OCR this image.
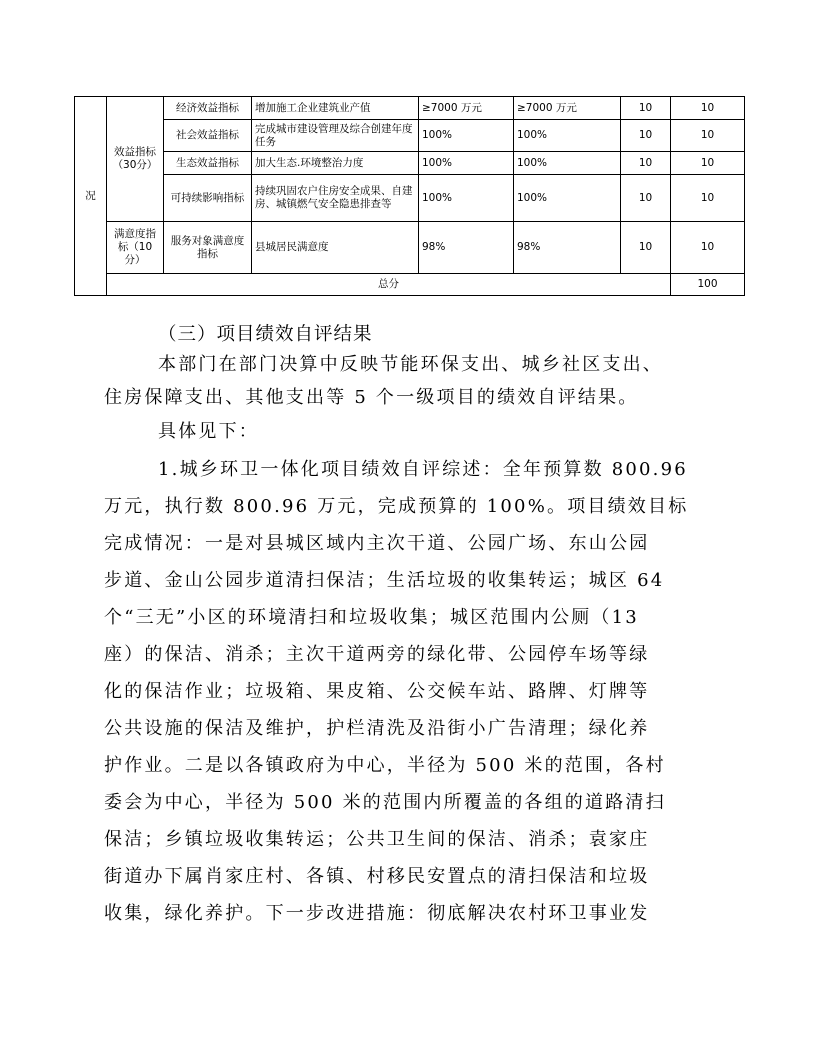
况	效益指标（30分）	经济效益指标	增加施工企业建筑业产值	≥7000 万元	≥7000 万元	10	10	
		社会效益指标	完成城市建设管理及综合创建年度任务	100%	100%	10	10	
		生态效益指标	加大生态.环境整治力度	100%	100%	10	10	
		可持续影响指标	持续巩固农户住房安全成果、自建房、城镇燃气安全隐患排查等	100%	100%	10	10	
	满意度指标（10分）	服务对象满意度指标	县城居民满意度	98%	98%	10	10	
	总分						100	
（三）项目绩效自评结果
本部门在部门决算中反映节能环保支出、城乡社区支出、
住房保障支出、其他支出等 5 个一级项目的绩效自评结果。
具体见下：
1.城乡环卫一体化项目绩效自评综述：全年预算数 800.96
万元，执行数 800.96 万元，完成预算的 100%。项目绩效目标
完成情况：一是对县城区域内主次干道、公园广场、东山公园
步道、金山公园步道清扫保洁；生活垃圾的收集转运；城区 64
个“三无”小区的环境清扫和垃圾收集；城区范围内公厕（13
座）的保洁、消杀；主次干道两旁的绿化带、公园停车场等绿
化的保洁作业；垃圾箱、果皮箱、公交候车站、路牌、灯牌等
公共设施的保洁及维护，护栏清洗及沿街小广告清理；绿化养
护作业。二是以各镇政府为中心，半径为 500 米的范围，各村
委会为中心，半径为 500 米的范围内所覆盖的各组的道路清扫
保洁；乡镇垃圾收集转运；公共卫生间的保洁、消杀；袁家庄
街道办下属肖家庄村、各镇、村移民安置点的清扫保洁和垃圾
收集，绿化养护。下一步改进措施：彻底解决农村环卫事业发
